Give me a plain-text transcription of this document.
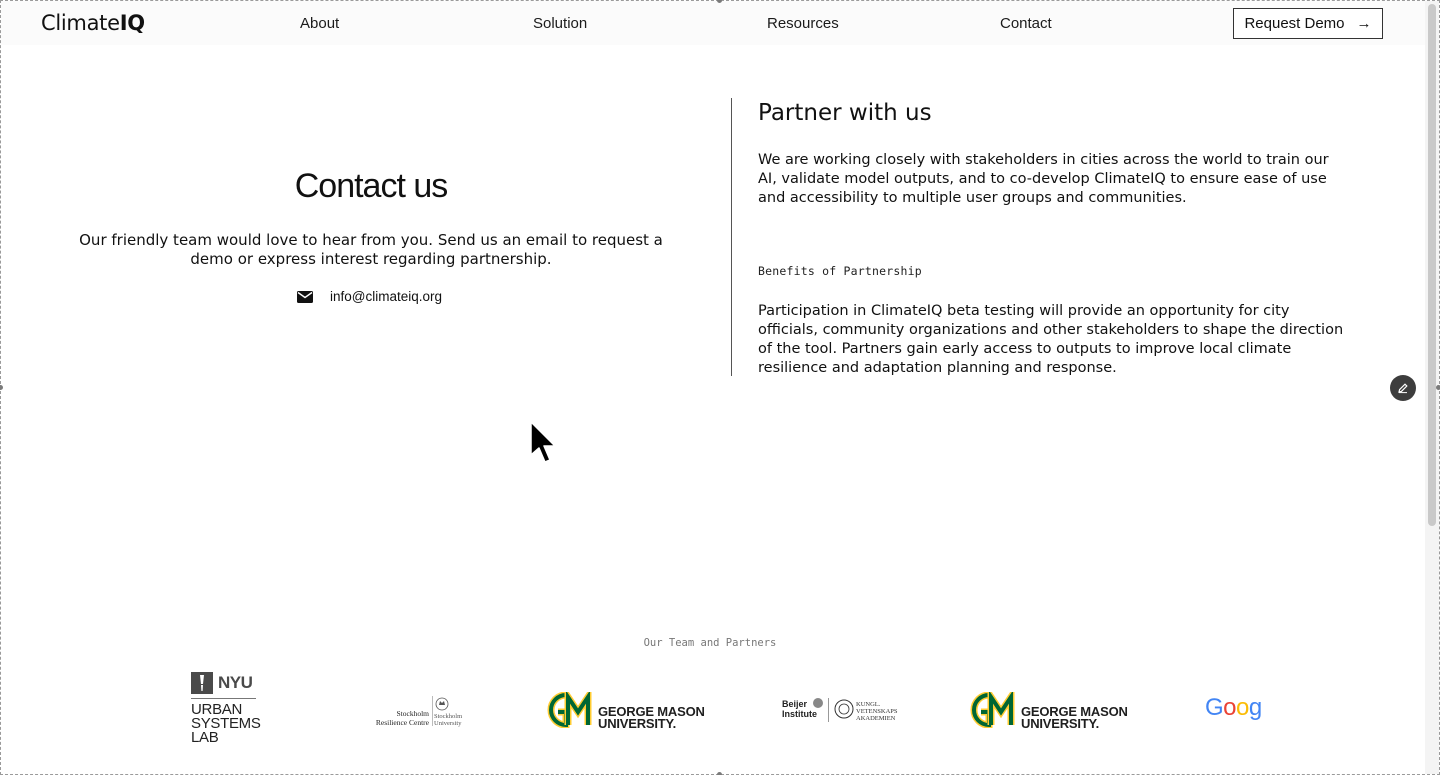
ClimateIQ	About	Solution	Resources	Contact	Request Demo →
Contact us

Our friendly team would love to hear from you. Send us an email to request a demo or express interest regarding partnership.

info@climateiq.org
Partner with us

We are working closely with stakeholders in cities across the world to train our AI, validate model outputs, and to co-develop ClimateIQ to ensure ease of use and accessibility to multiple user groups and communities.

Benefits of Partnership

Participation in ClimateIQ beta testing will provide an opportunity for city officials, community organizations and other stakeholders to shape the direction of the tool. Partners gain early access to outputs to improve local climate resilience and adaptation planning and response.

Our Team and Partners
NYU
URBAN SYSTEMS LAB
Stockholm
Resilience Centre
Stockholm
University
GEORGE MASON
UNIVERSITY.
Beijer
Institute
KUNGL.
VETENSKAPS
AKADEMIEN	GEORGE MASON
UNIVERSITY.
Goog
